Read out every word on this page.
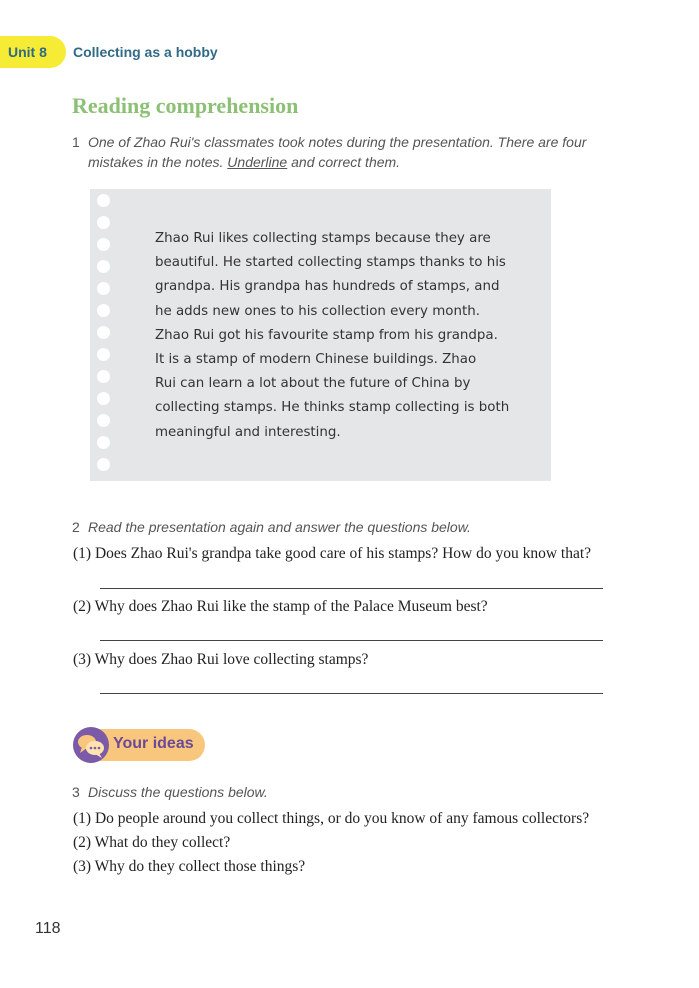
Unit 8 Collecting as a hobby
Reading comprehension
1 One of Zhao Rui's classmates took notes during the presentation. There are four
mistakes in the notes. Underline and correct them.
Zhao Rui likes collecting stamps because they are
beautiful. He started collecting stamps thanks to his
grandpa. His grandpa has hundreds of stamps, and
he adds new ones to his collection every month.
Zhao Rui got his favourite stamp from his grandpa.
It is a stamp of modern Chinese buildings. Zhao
Rui can learn a lot about the future of China by
collecting stamps. He thinks stamp collecting is both
meaningful and interesting.
2 Read the presentation again and answer the questions below.
(1) Does Zhao Rui's grandpa take good care of his stamps? How do you know that?
(2) Why does Zhao Rui like the stamp of the Palace Museum best?
(3) Why does Zhao Rui love collecting stamps?
Your ideas
3 Discuss the questions below.
(1) Do people around you collect things, or do you know of any famous collectors?
(2) What do they collect?
(3) Why do they collect those things?
118
